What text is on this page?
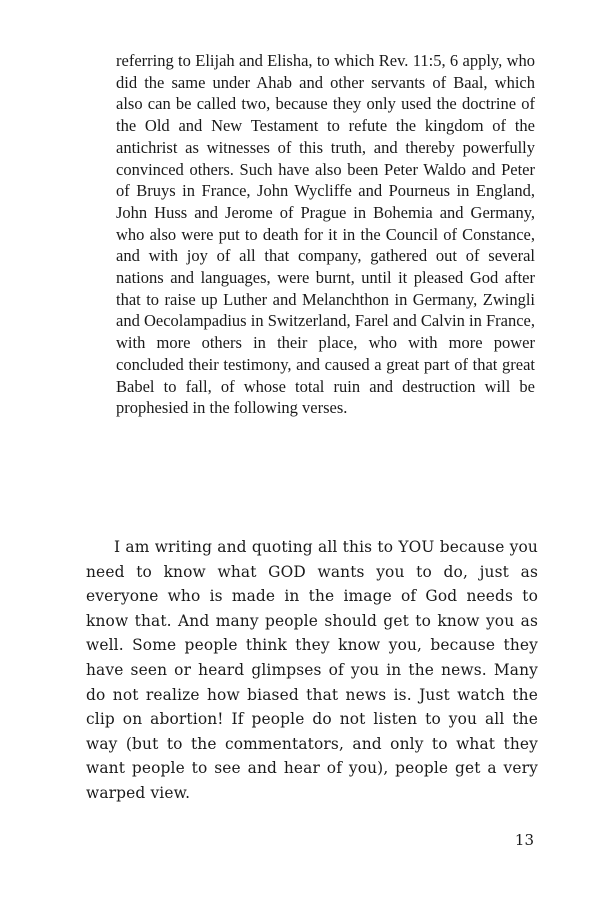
referring to Elijah and Elisha, to which Rev. 11:5, 6 apply, who did the same under Ahab and other servants of Baal, which also can be called two, because they only used the doctrine of the Old and New Testament to refute the kingdom of the antichrist as witnesses of this truth, and thereby powerfully convinced others. Such have also been Peter Waldo and Peter of Bruys in France, John Wycliffe and Pourneus in England, John Huss and Jerome of Prague in Bohemia and Germany, who also were put to death for it in the Council of Constance, and with joy of all that company, gathered out of several nations and languages, were burnt, until it pleased God after that to raise up Luther and Melanchthon in Germany, Zwingli and Oecolampadius in Switzerland, Farel and Calvin in France, with more others in their place, who with more power concluded their testimony, and caused a great part of that great Babel to fall, of whose total ruin and destruction will be prophesied in the following verses.

I am writing and quoting all this to YOU because you need to know what GOD wants you to do, just as everyone who is made in the image of God needs to know that. And many people should get to know you as well. Some people think they know you, because they have seen or heard glimpses of you in the news. Many do not realize how biased that news is. Just watch the clip on abortion! If people do not listen to you all the way (but to the commentators, and only to what they want people to see and hear of you), people get a very warped view.

13
